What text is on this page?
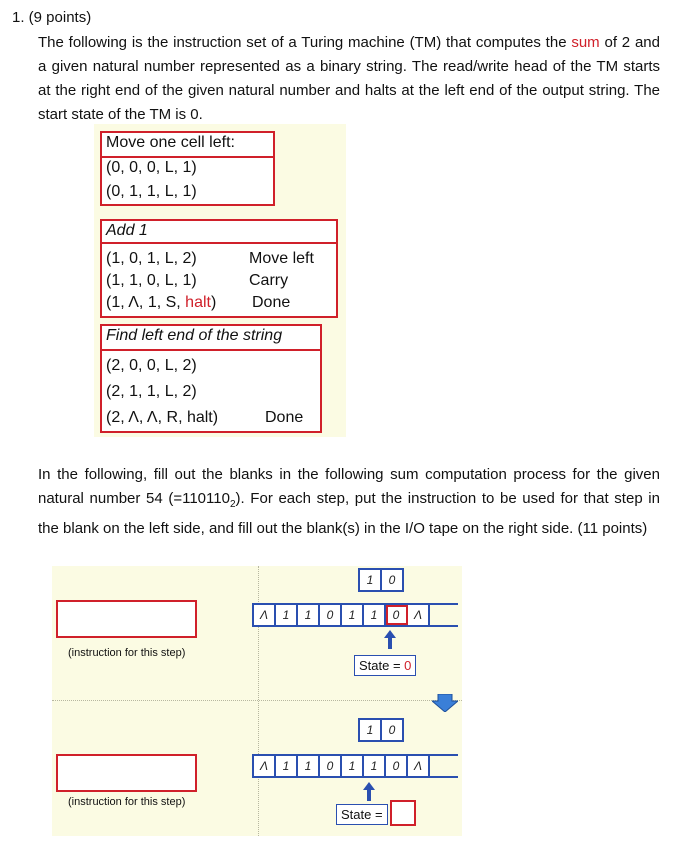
1. (9 points)
The following is the instruction set of a Turing machine (TM) that computes the sum of 2 and a given natural number represented as a binary string. The read/write head of the TM starts at the right end of the given natural number and halts at the left end of the output string. The start state of the TM is 0.
Move one cell left:
(0, 0, 0, L, 1)
(0, 1, 1, L, 1)
Add 1
(1, 0, 1, L, 2)	Move left
(1, 1, 0, L, 1)	Carry
(1, Λ, 1, S, halt) Done
Find left end of the string
(2, 0, 0, L, 2)
(2, 1, 1, L, 2)
(2, Λ, Λ, R, halt)	Done
In the following, fill out the blanks in the following sum computation process for the given natural number 54 $(=110110_2)$. For each step, put the instruction to be used for that step in the blank on the left side, and fill out the blank(s) in the I/O tape on the right side. (11 points)
(instruction for this step)
1	0
Λ	1	1	0	1	1	0	Λ
State = 0
(instruction for this step)
1	0
Λ	1	1	0	1	1	0	Λ
State =
